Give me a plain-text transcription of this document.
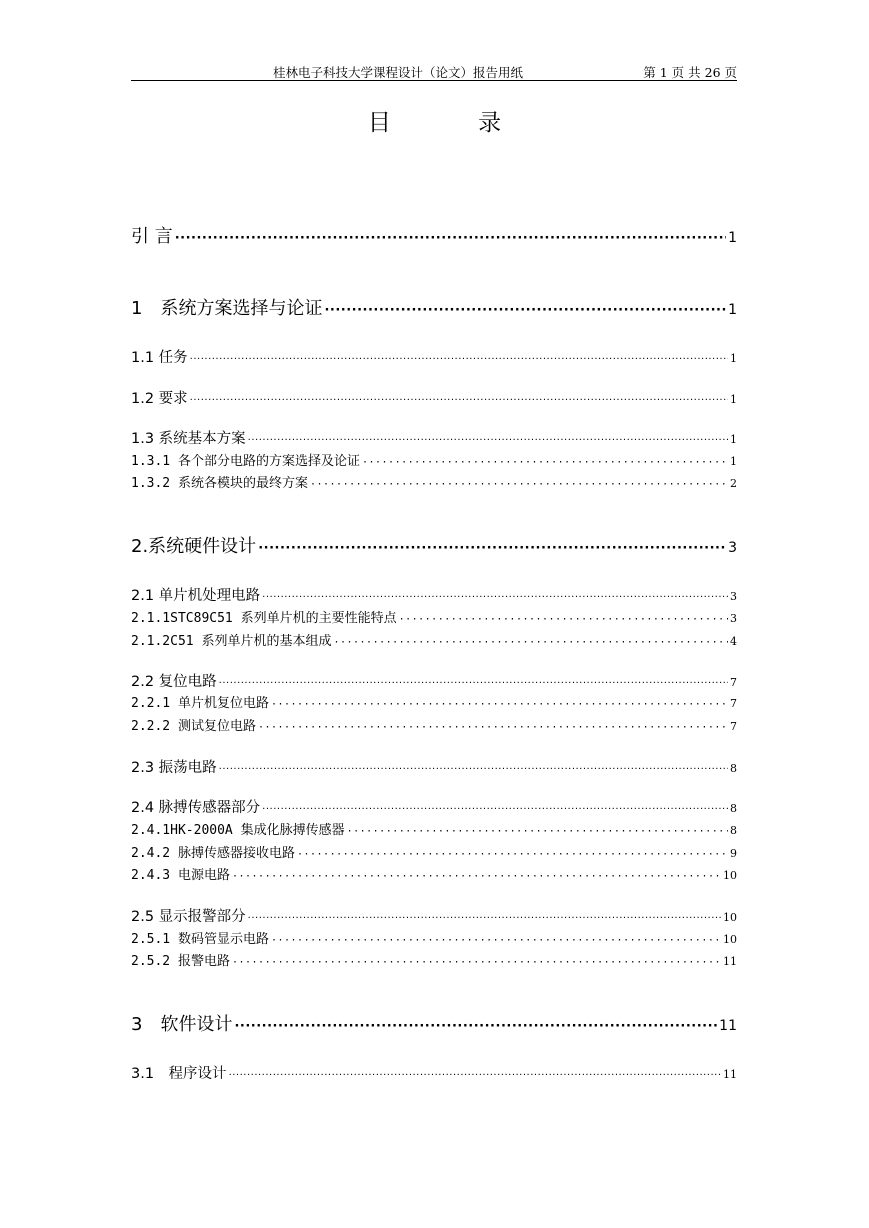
桂林电子科技大学课程设计（论文）报告用纸	第 1 页 共 26 页
目 录
引 言 ·····	1
1　系统方案选择与论证 ·····	1
1.1 任务 ·····	1
1.2 要求 ·····	1
1.3 系统基本方案 ·····	1
1.3.1 各个部分电路的方案选择及论证 ·····	1
1.3.2 系统各模块的最终方案 ·····	2
2.系统硬件设计 ·····	3
2.1 单片机处理电路 ·····	3
2.1.1STC89C51 系列单片机的主要性能特点 ·····	3
2.1.2C51 系列单片机的基本组成 ·····	4
2.2 复位电路 ·····	7
2.2.1 单片机复位电路 ·····	7
2.2.2 测试复位电路 ·····	7
2.3 振荡电路 ·····	8
2.4 脉搏传感器部分 ·····	8
2.4.1HK-2000A 集成化脉搏传感器 ·····	8
2.4.2 脉搏传感器接收电路 ·····	9
2.4.3 电源电路 ·····	10
2.5 显示报警部分 ·····	10
2.5.1 数码管显示电路 ·····	10
2.5.2 报警电路 ·····	11
3　软件设计 ·····	11
3.1　程序设计 ·····	11
